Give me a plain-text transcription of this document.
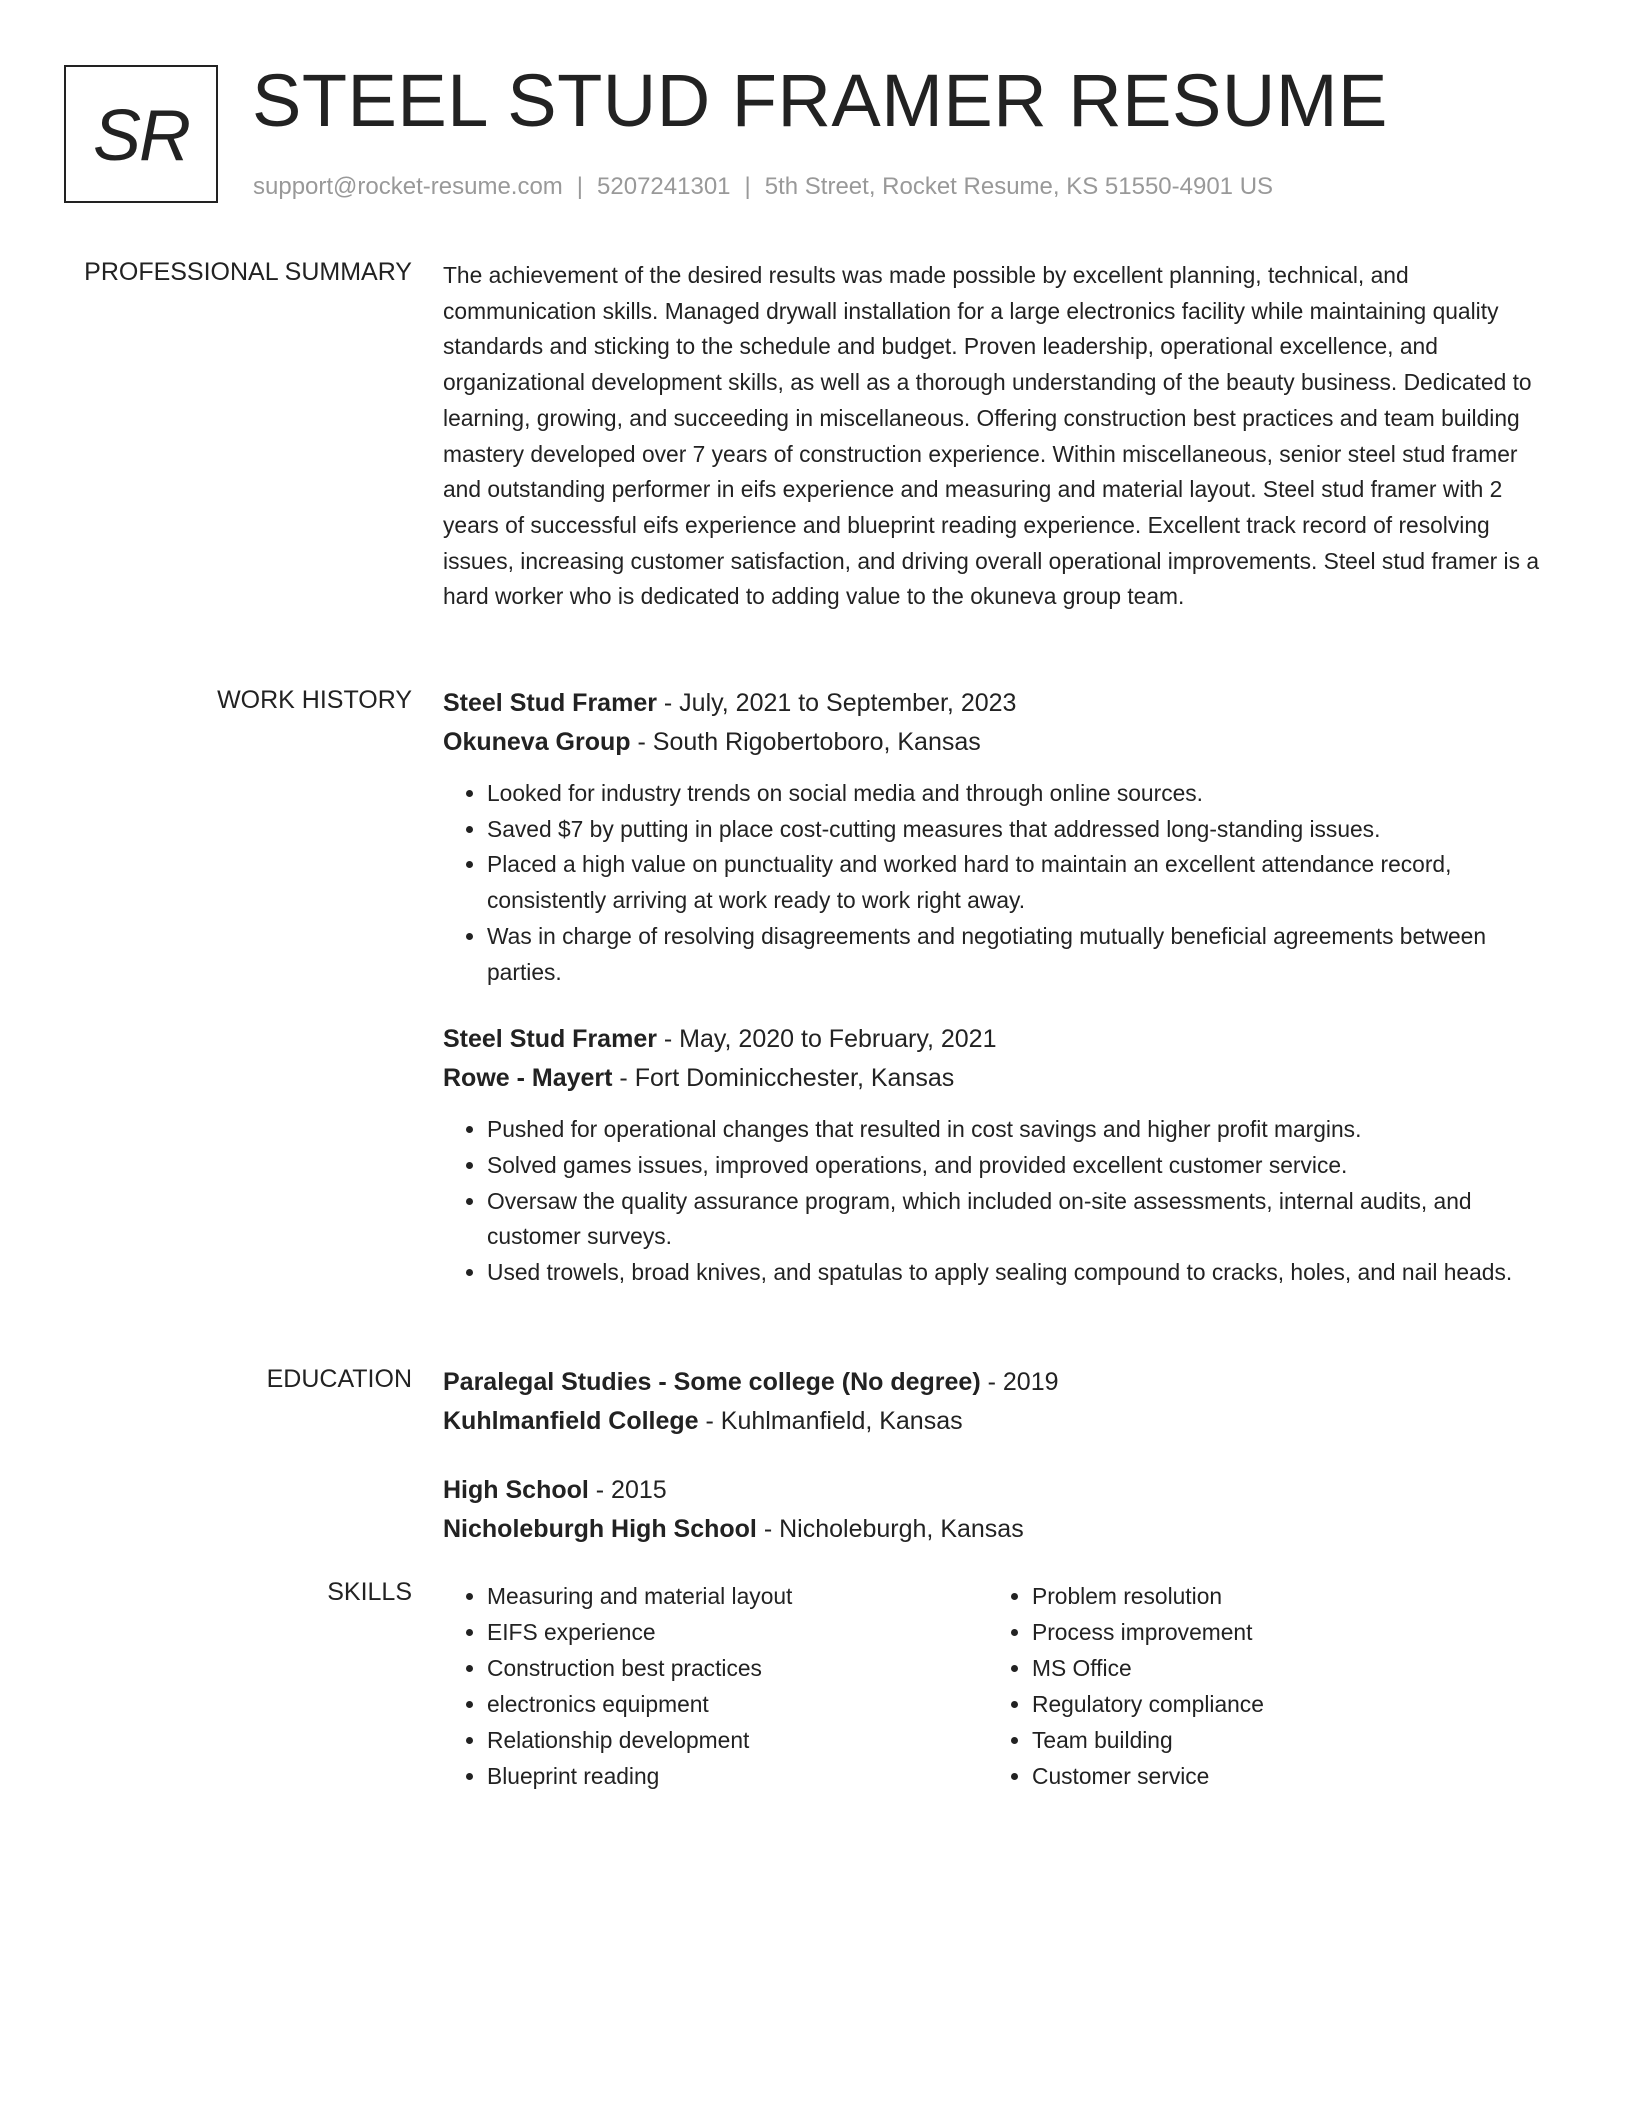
SR STEEL STUD FRAMER RESUME
support@rocket-resume.com | 5207241301 | 5th Street, Rocket Resume, KS 51550-4901 US
PROFESSIONAL SUMMARY The achievement of the desired results was made possible by excellent planning, technical, and communication skills. Managed drywall installation for a large electronics facility while maintaining quality standards and sticking to the schedule and budget. Proven leadership, operational excellence, and organizational development skills, as well as a thorough understanding of the beauty business. Dedicated to learning, growing, and succeeding in miscellaneous. Offering construction best practices and team building mastery developed over 7 years of construction experience. Within miscellaneous, senior steel stud framer and outstanding performer in eifs experience and measuring and material layout. Steel stud framer with 2 years of successful eifs experience and blueprint reading experience. Excellent track record of resolving issues, increasing customer satisfaction, and driving overall operational improvements. Steel stud framer is a hard worker who is dedicated to adding value to the okuneva group team.

WORK HISTORY Steel Stud Framer - July, 2021 to September, 2023
Okuneva Group - South Rigobertoboro, Kansas
• Looked for industry trends on social media and through online sources.
• Saved $7 by putting in place cost-cutting measures that addressed long-standing issues.
• Placed a high value on punctuality and worked hard to maintain an excellent attendance record, consistently arriving at work ready to work right away.
• Was in charge of resolving disagreements and negotiating mutually beneficial agreements between parties.
Steel Stud Framer - May, 2020 to February, 2021
Rowe - Mayert - Fort Dominicchester, Kansas
• Pushed for operational changes that resulted in cost savings and higher profit margins.
• Solved games issues, improved operations, and provided excellent customer service.
• Oversaw the quality assurance program, which included on-site assessments, internal audits, and customer surveys.
• Used trowels, broad knives, and spatulas to apply sealing compound to cracks, holes, and nail heads.
EDUCATION Paralegal Studies - Some college (No degree) - 2019
Kuhlmanfield College - Kuhlmanfield, Kansas
High School - 2015
Nicholeburgh High School - Nicholeburgh, Kansas
SKILLS
•	Measuring and material layout
• EIFS experience
• Construction best practices
• electronics equipment
• Relationship development
• Blueprint reading
• Problem resolution
• Process improvement
• MS Office
• Regulatory compliance
• Team building
• Customer service
